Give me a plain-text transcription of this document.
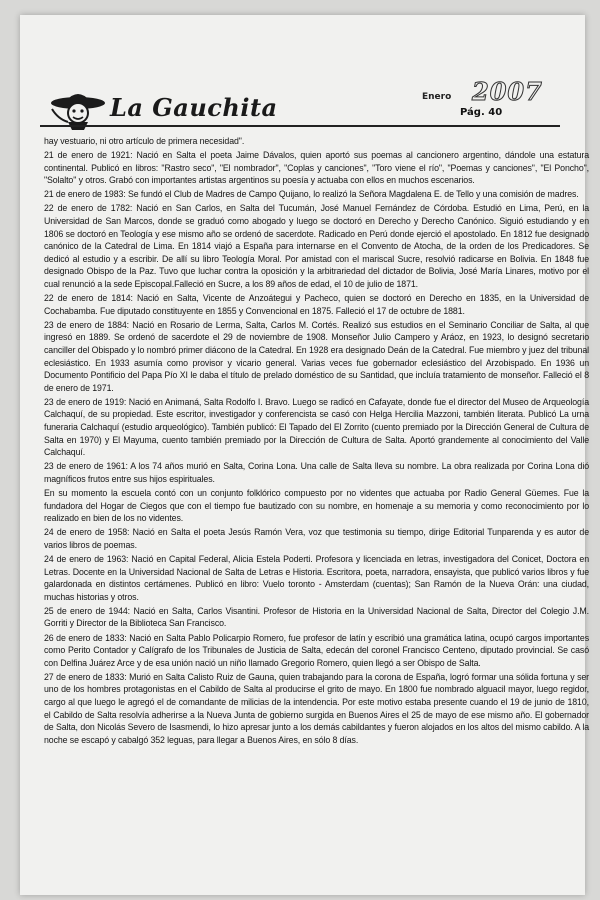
La Gauchita	Enero 2007
Pág. 40

hay vestuario, ni otro artículo de primera necesidad".

21 de enero de 1921: Nació en Salta el poeta Jaime Dávalos, quien aportó sus poemas al cancionero argentino, dándole una estatura continental. Publicó en libros: "Rastro seco", "El nombrador", "Coplas y canciones", "Toro viene el río", "Poemas y canciones", "El Poncho", "Solalto" y otros. Grabó con importantes artistas argentinos su poesía y actuaba con ellos en muchos escenarios.

21 de enero de 1983: Se fundó el Club de Madres de Campo Quijano, lo realizó la Señora Magdalena E. de Tello y una comisión de madres.

22 de enero de 1782: Nació en San Carlos, en Salta del Tucumán, José Manuel Fernández de Córdoba. Estudió en Lima, Perú, en la Universidad de San Marcos, donde se graduó como abogado y luego se doctoró en Derecho y Derecho Canónico. Siguió estudiando y en 1806 se doctoró en Teología y ese mismo año se ordenó de sacerdote. Radicado en Perú donde ejerció el apostolado. En 1812 fue designado canónico de la Catedral de Lima. En 1814 viajó a España para internarse en el Convento de Atocha, de la orden de los Predicadores. Se dedicó al estudio y a escribir. De allí su libro Teología Moral. Por amistad con el mariscal Sucre, resolvió radicarse en Bolivia. En 1848 fue designado Obispo de la Paz. Tuvo que luchar contra la oposición y la arbitrariedad del dictador de Bolivia, José María Linares, motivo por el cual renunció a la sede Episcopal.Falleció en Sucre, a los 89 años de edad, el 10 de julio de 1871.

22 de enero de 1814: Nació en Salta, Vicente de Anzoátegui y Pacheco, quien se doctoró en Derecho en 1835, en la Universidad de Cochabamba. Fue diputado constituyente en 1855 y Convencional en 1875. Falleció el 17 de octubre de 1881.

23 de enero de 1884: Nació en Rosario de Lerma, Salta, Carlos M. Cortés. Realizó sus estudios en el Seminario Conciliar de Salta, al que ingresó en 1889. Se ordenó de sacerdote el 29 de noviembre de 1908. Monseñor Julio Campero y Aráoz, en 1923, lo designó secretario canciller del Obispado y lo nombró primer diácono de la Catedral. En 1928 era designado Deán de la Catedral. Fue miembro y juez del tribunal eclesiástico. En 1933 asumía como provisor y vicario general. Varias veces fue gobernador eclesiástico del Arzobispado. En 1936 un Documento Pontificio del Papa Pío XI le daba el título de prelado doméstico de su Santidad, que incluía tratamiento de monseñor. Falleció el 8 de enero de 1971.

23 de enero de 1919: Nació en Animaná, Salta Rodolfo I. Bravo. Luego se radicó en Cafayate, donde fue el director del Museo de Arqueología Calchaquí, de su propiedad. Este escritor, investigador y conferencista se casó con Helga Hercilia Mazzoni, también literata. Publicó La urna funeraria Calchaquí (estudio arqueológico). También publicó: El Tapado del El Zorrito (cuento premiado por la Dirección General de Cultura de Salta en 1970) y El Mayuma, cuento también premiado por la Dirección de Cultura de Salta. Aportó grandemente al conocimiento del Valle Calchaquí.

23 de enero de 1961: A los 74 años murió en Salta, Corina Lona. Una calle de Salta lleva su nombre. La obra realizada por Corina Lona dió magníficos frutos entre sus hijos espirituales.

En su momento la escuela contó con un conjunto folklórico compuesto por no videntes que actuaba por Radio General Güemes. Fue la fundadora del Hogar de Ciegos que con el tiempo fue bautizado con su nombre, en homenaje a su memoria y como reconocimiento por lo realizado en bien de los no videntes.

24 de enero de 1958: Nació en Salta el poeta Jesús Ramón Vera, voz que testimonia su tiempo, dirige Editorial Tunparenda y es autor de varios libros de poemas.

24 de enero de 1963: Nació en Capital Federal, Alicia Estela Poderti. Profesora y licenciada en letras, investigadora del Conicet, Doctora en Letras. Docente en la Universidad Nacional de Salta de Letras e Historia. Escritora, poeta, narradora, ensayista, que publicó varios libros y fue galardonada en distintos certámenes. Publicó en libro: Vuelo toronto - Amsterdam (cuentas); San Ramón de la Nueva Orán: una ciudad, muchas historias y otros.

25 de enero de 1944: Nació en Salta, Carlos Visantini. Profesor de Historia en la Universidad Nacional de Salta, Director del Colegio J.M. Gorriti y Director de la Biblioteca San Francisco.

26 de enero de 1833: Nació en Salta Pablo Policarpio Romero, fue profesor de latín y escribió una gramática latina, ocupó cargos importantes como Perito Contador y Calígrafo de los Tribunales de Justicia de Salta, edecán del coronel Francisco Centeno, diputado provincial. Se casó con Delfina Juárez Arce y de esa unión nació un niño llamado Gregorio Romero, quien llegó a ser Obispo de Salta.

27 de enero de 1833: Murió en Salta Calisto Ruiz de Gauna, quien trabajando para la corona de España, logró formar una sólida fortuna y ser uno de los hombres protagonistas en el Cabildo de Salta al producirse el grito de mayo. En 1800 fue nombrado alguacil mayor, luego regidor, cargo al que luego le agregó el de comandante de milicias de la intendencia. Por este motivo estaba presente cuando el 19 de junio de 1810, el Cabildo de Salta resolvía adherirse a la Nueva Junta de gobierno surgida en Buenos Aires el 25 de mayo de ese mismo año. El gobernador de Salta, don Nicolás Severo de Isasmendi, lo hizo apresar junto a los demás cabildantes y fueron alojados en los altos del mismo cabildo. A la noche se escapó y cabalgó 352 leguas, para llegar a Buenos Aires, en sólo 8 días.
